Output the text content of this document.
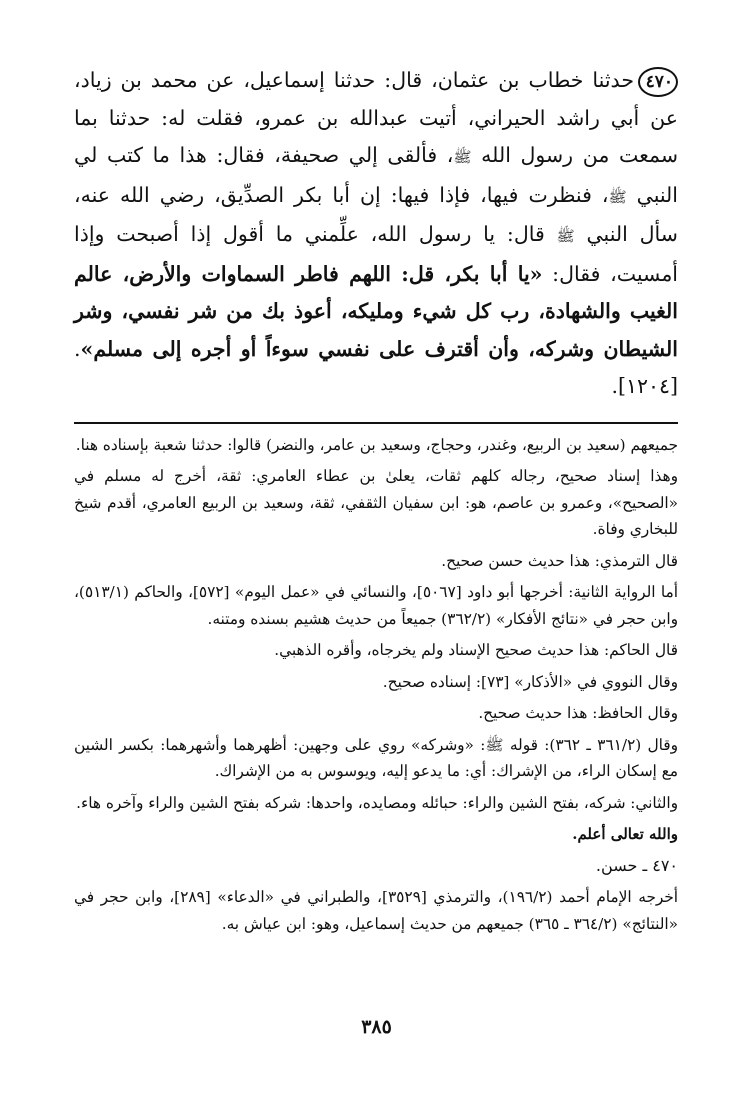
٤٧٠حدثنا خطاب بن عثمان، قال: حدثنا إسماعيل، عن محمد بن زياد، عن أبي راشد الحيراني، أتيت عبدالله بن عمرو، فقلت له: حدثنا بما سمعت من رسول الله ﷺ، فألقى إلي صحيفة، فقال: هذا ما كتب لي النبي ﷺ، فنظرت فيها، فإذا فيها: إن أبا بكر الصدِّيق، رضي الله عنه، سأل النبي ﷺ قال: يا رسول الله، علِّمني ما أقول إذا أصبحت وإذا أمسيت، فقال: «يا أبا بكر، قل: اللهم فاطر السماوات والأرض، عالم الغيب والشهادة، رب كل شيء ومليكه، أعوذ بك من شر نفسي، وشر الشيطان وشركه، وأن أقترف على نفسي سوءاً أو أجره إلى مسلم». [١٢٠٤].

جميعهم (سعيد بن الربيع، وغندر، وحجاج، وسعيد بن عامر، والنضر) قالوا: حدثنا شعبة بإسناده هنا.

وهذا إسناد صحيح، رجاله كلهم ثقات، يعلىٰ بن عطاء العامري: ثقة، أخرج له مسلم في «الصحيح»، وعمرو بن عاصم، هو: ابن سفيان الثقفي، ثقة، وسعيد بن الربيع العامري، أقدم شيخ للبخاري وفاة.

قال الترمذي: هذا حديث حسن صحيح.

أما الرواية الثانية: أخرجها أبو داود [٥٠٦٧]، والنسائي في «عمل اليوم» [٥٧٢]، والحاكم (٥١٣/١)، وابن حجر في «نتائج الأفكار» (٣٦٢/٢) جميعاً من حديث هشيم بسنده ومتنه.

قال الحاكم: هذا حديث صحيح الإسناد ولم يخرجاه، وأقره الذهبي.

وقال النووي في «الأذكار» [٧٣]: إسناده صحيح.

وقال الحافظ: هذا حديث صحيح.

وقال (٣٦١/٢ ـ ٣٦٢): قوله ﷺ: «وشركه» روي على وجهين: أظهرهما وأشهرهما: بكسر الشين مع إسكان الراء، من الإشراك: أي: ما يدعو إليه، ويوسوس به من الإشراك.

والثاني: شركه، بفتح الشين والراء: حبائله ومصايده، واحدها: شركه بفتح الشين والراء وآخره هاء.

والله تعالى أعلم.

٤٧٠ ـ حسن.

أخرجه الإمام أحمد (١٩٦/٢)، والترمذي [٣٥٢٩]، والطبراني في «الدعاء» [٢٨٩]، وابن حجر في «النتائج» (٣٦٤/٢ ـ ٣٦٥) جميعهم من حديث إسماعيل، وهو: ابن عياش به.

٣٨٥
